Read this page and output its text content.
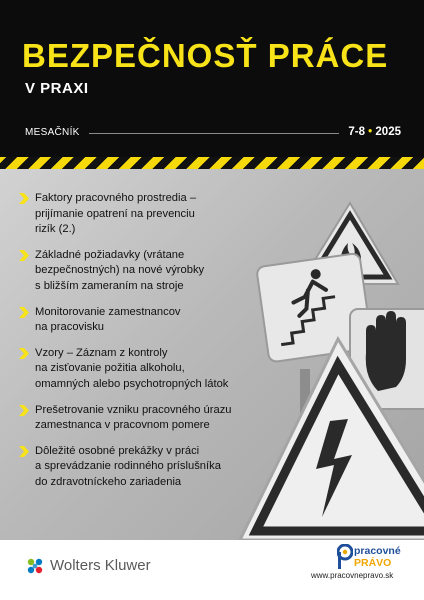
BEZPEČNOSŤ PRÁCE
V PRAXI
MESAČNÍK	7-8 • 2025
Faktory pracovného prostredia –
prijímanie opatrení na prevenciu
rizík (2.)
Základné požiadavky (vrátane
bezpečnostných) na nové výrobky
s bližším zameraním na stroje
Monitorovanie zamestnancov
na pracovisku
Vzory – Záznam z kontroly
na zisťovanie požitia alkoholu,
omamných alebo psychotropných látok
Prešetrovanie vzniku pracovného úrazu
zamestnanca v pracovnom pomere
Dôležité osobné prekážky v práci
a sprevádzanie rodinného príslušníka
do zdravotníckeho zariadenia
Wolters Kluwer
pracovné
PRÁVO
www.pracovnepravo.sk
